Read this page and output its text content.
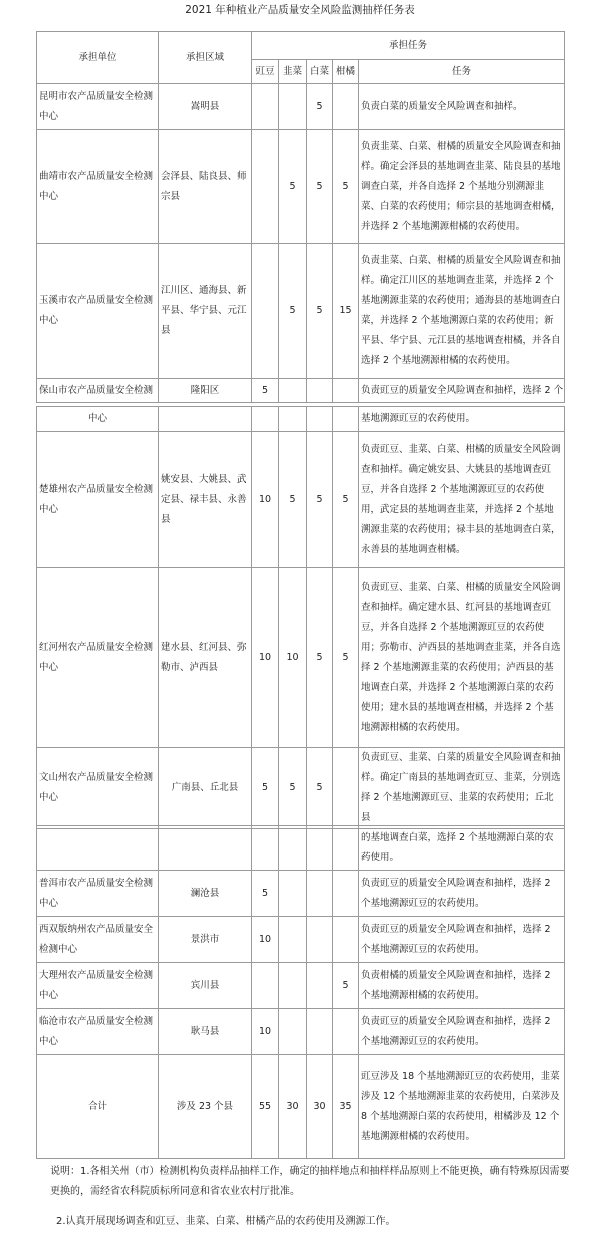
2021 年种植业产品质量安全风险监测抽样任务表
承担单位	承担区域	承担任务				
		豇豆	韭菜	白菜	柑橘	任务
昆明市农产品质量安全检测中心	嵩明县			5		负责白菜的质量安全风险调查和抽样。
曲靖市农产品质量安全检测中心	会泽县、陆良县、师宗县		5	5	5	负责韭菜、白菜、柑橘的质量安全风险调查和抽样。确定会泽县的基地调查韭菜、陆良县的基地调查白菜，并各自选择 2 个基地分别溯源韭菜、白菜的农药使用；师宗县的基地调查柑橘，并选择 2 个基地溯源柑橘的农药使用。
玉溪市农产品质量安全检测中心	江川区、通海县、新平县、华宁县、元江县		5	5	15	负责韭菜、白菜、柑橘的质量安全风险调查和抽样。确定江川区的基地调查韭菜，并选择 2 个基地溯源韭菜的农药使用；通海县的基地调查白菜，并选择 2 个基地溯源白菜的农药使用；新平县、华宁县、元江县的基地调查柑橘，并各自选择 2 个基地溯源柑橘的农药使用。
保山市农产品质量安全检测	隆阳区	5				负责豇豆的质量安全风险调查和抽样，选择 2 个
中心						基地溯源豇豆的农药使用。
楚雄州农产品质量安全检测中心	姚安县、大姚县、武定县、禄丰县、永善县	10	5	5	5	负责豇豆、韭菜、白菜、柑橘的质量安全风险调查和抽样。确定姚安县、大姚县的基地调查豇豆，并各自选择 2 个基地溯源豇豆的农药使用，武定县的基地调查韭菜，并选择 2 个基地溯源韭菜的农药使用；禄丰县的基地调查白菜，永善县的基地调查柑橘。
红河州农产品质量安全检测中心	建水县、红河县、弥勒市、泸西县	10	10	5	5	负责豇豆、韭菜、白菜、柑橘的质量安全风险调查和抽样。确定建水县、红河县的基地调查豇豆，并各自选择 2 个基地溯源豇豆的农药使用；弥勒市、泸西县的基地调查韭菜，并各自选择 2 个基地溯源韭菜的农药使用；泸西县的基地调查白菜，并选择 2 个基地溯源白菜的农药使用；建水县的基地调查柑橘，并选择 2 个基地溯源柑橘的农药使用。
文山州农产品质量安全检测中心	广南县、丘北县	5	5	5		负责豇豆、韭菜、白菜的质量安全风险调查和抽样。确定广南县的基地调查豇豆、韭菜，分别选择 2 个基地溯源豇豆、韭菜的农药使用；丘北县
						的基地调查白菜，选择 2 个基地溯源白菜的农药使用。
普洱市农产品质量安全检测中心	澜沧县	5				负责豇豆的质量安全风险调查和抽样，选择 2 个基地溯源豇豆的农药使用。
西双版纳州农产品质量安全检测中心	景洪市	10				负责豇豆的质量安全风险调查和抽样，选择 2 个基地溯源豇豆的农药使用。
大理州农产品质量安全检测中心	宾川县				5	负责柑橘的质量安全风险调查和抽样，选择 2 个基地溯源柑橘的农药使用。
临沧市农产品质量安全检测中心	耿马县	10				负责豇豆的质量安全风险调查和抽样，选择 2 个基地溯源豇豆的农药使用。
合计	涉及 23 个县	55	30	30	35	豇豆涉及 18 个基地溯源豇豆的农药使用，韭菜涉及 12 个基地溯源韭菜的农药使用，白菜涉及 8 个基地溯源白菜的农药使用，柑橘涉及 12 个基地溯源柑橘的农药使用。
说明：1.各相关州（市）检测机构负责样品抽样工作，确定的抽样地点和抽样样品原则上不能更换，确有特殊原因需要更换的，需经省农科院质标所同意和省农业农村厅批准。
2.认真开展现场调查和豇豆、韭菜、白菜、柑橘产品的农药使用及溯源工作。
